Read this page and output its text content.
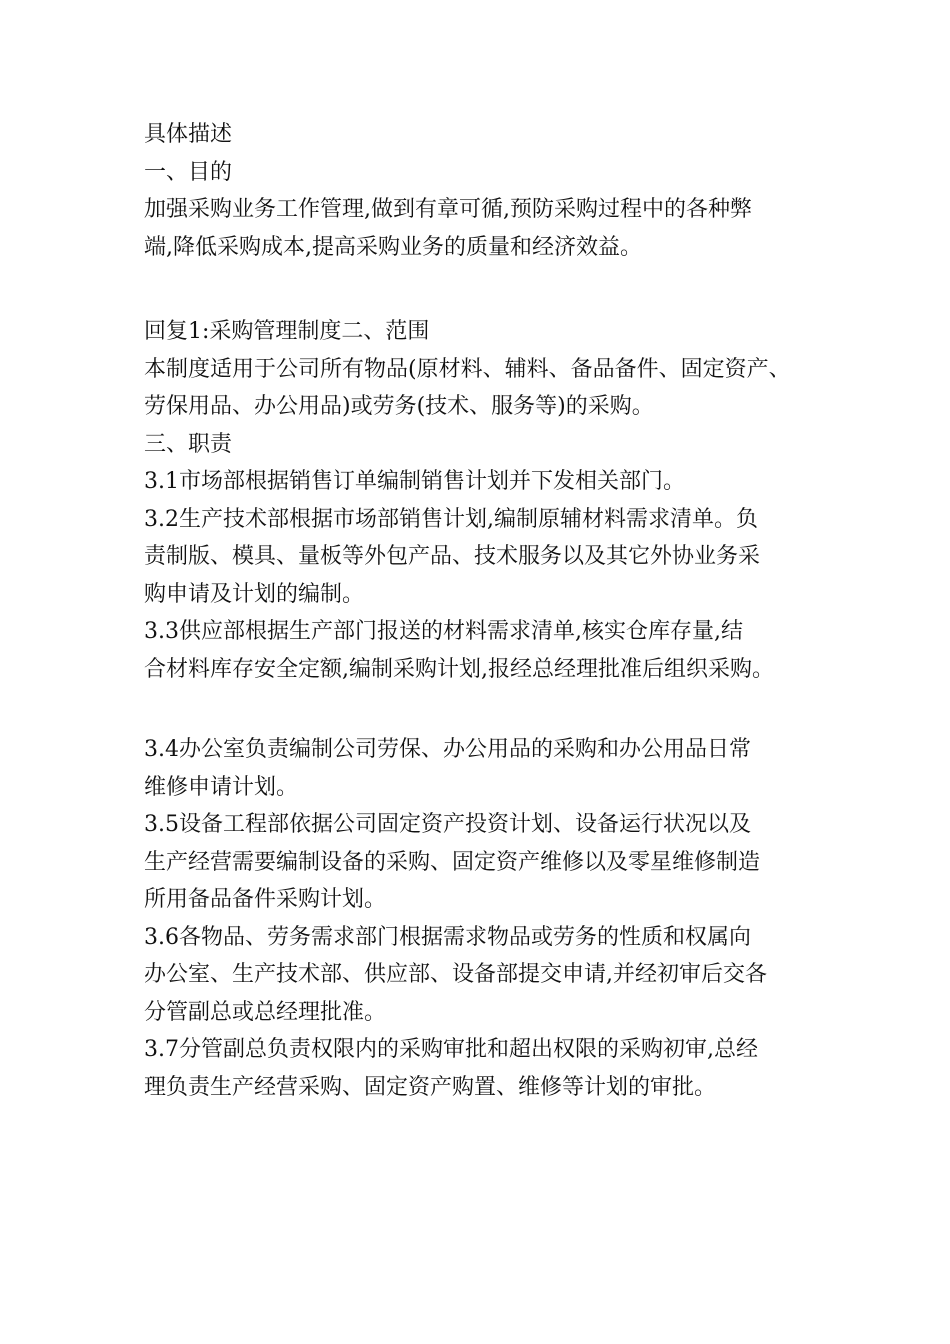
具体描述
一、目的
加强采购业务工作管理,做到有章可循,预防采购过程中的各种弊
端,降低采购成本,提高采购业务的质量和经济效益。
回复1:采购管理制度二、范围
本制度适用于公司所有物品(原材料、辅料、备品备件、固定资产、
劳保用品、办公用品)或劳务(技术、服务等)的采购。
三、职责
3.1市场部根据销售订单编制销售计划并下发相关部门。
3.2生产技术部根据市场部销售计划,编制原辅材料需求清单。负
责制版、模具、量板等外包产品、技术服务以及其它外协业务采
购申请及计划的编制。
3.3供应部根据生产部门报送的材料需求清单,核实仓库存量,结
合材料库存安全定额,编制采购计划,报经总经理批准后组织采购。
3.4办公室负责编制公司劳保、办公用品的采购和办公用品日常
维修申请计划。
3.5设备工程部依据公司固定资产投资计划、设备运行状况以及
生产经营需要编制设备的采购、固定资产维修以及零星维修制造
所用备品备件采购计划。
3.6各物品、劳务需求部门根据需求物品或劳务的性质和权属向
办公室、生产技术部、供应部、设备部提交申请,并经初审后交各
分管副总或总经理批准。
3.7分管副总负责权限内的采购审批和超出权限的采购初审,总经
理负责生产经营采购、固定资产购置、维修等计划的审批。
